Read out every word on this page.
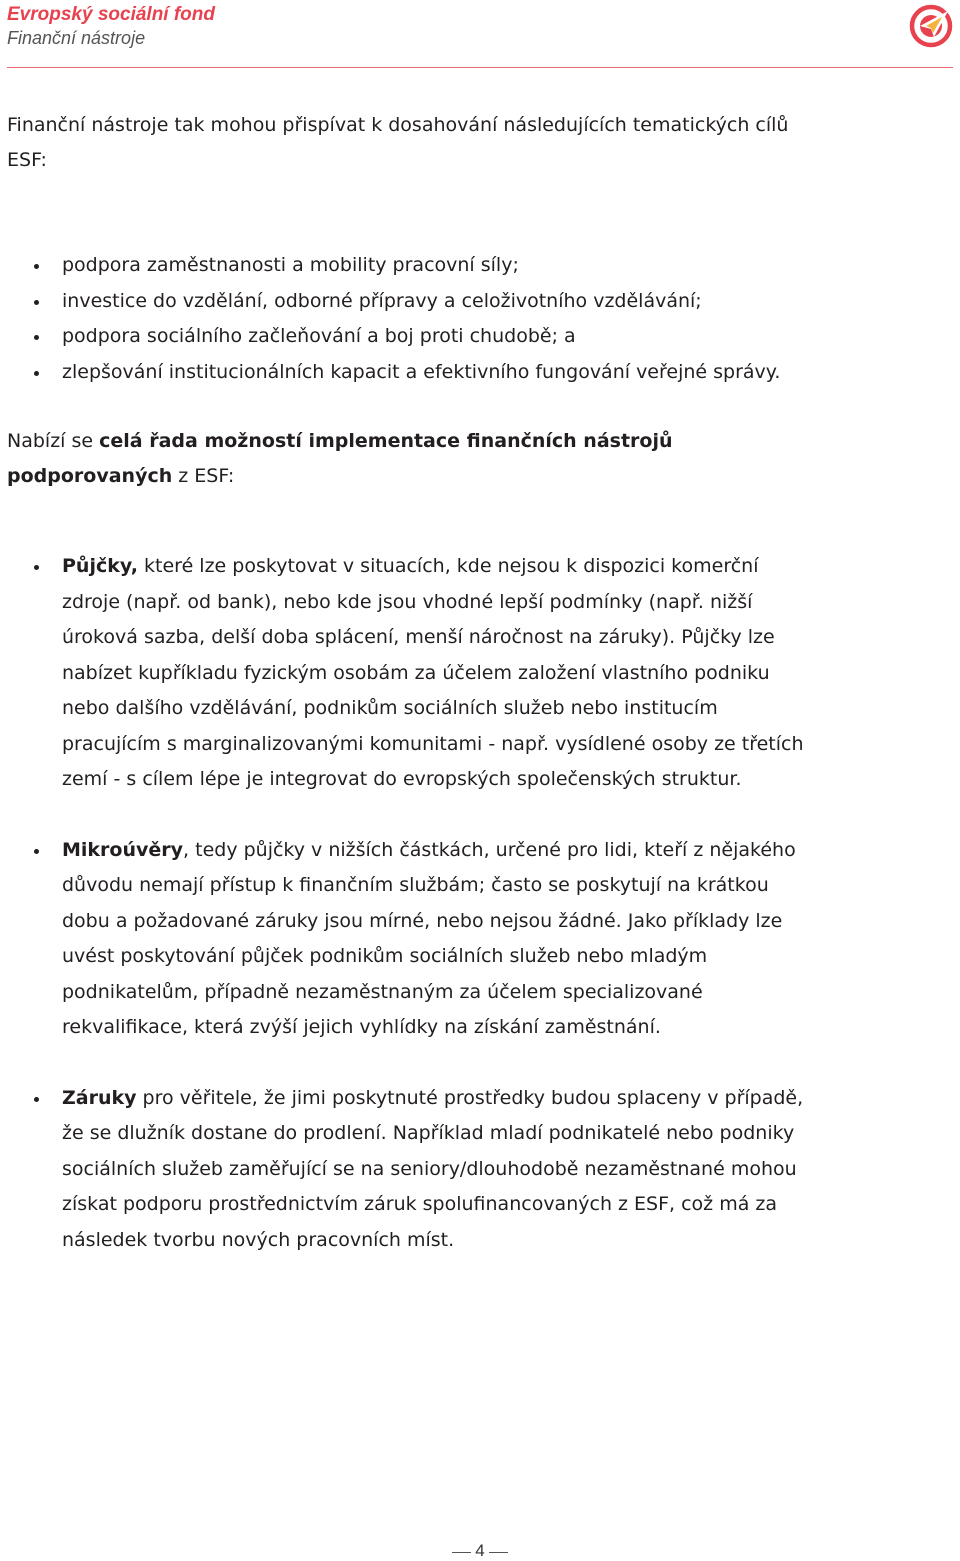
Evropský sociální fond
Finanční nástroje

Finanční nástroje tak mohou přispívat k dosahování následujících tematických cílů ESF:

podpora zaměstnanosti a mobility pracovní síly;
investice do vzdělání, odborné přípravy a celoživotního vzdělávání;
podpora sociálního začleňování a boj proti chudobě; a
zlepšování institucionálních kapacit a efektivního fungování veřejné správy.

Nabízí se celá řada možností implementace finančních nástrojů podporovaných z ESF:

Půjčky, které lze poskytovat v situacích, kde nejsou k dispozici komerční zdroje (např. od bank), nebo kde jsou vhodné lepší podmínky (např. nižší úroková sazba, delší doba splácení, menší náročnost na záruky). Půjčky lze nabízet kupříkladu fyzickým osobám za účelem založení vlastního podniku nebo dalšího vzdělávání, podnikům sociálních služeb nebo institucím pracujícím s marginalizovanými komunitami - např. vysídlené osoby ze třetích zemí - s cílem lépe je integrovat do evropských společenských struktur.

Mikroúvěry, tedy půjčky v nižších částkách, určené pro lidi, kteří z nějakého důvodu nemají přístup k finančním službám; často se poskytují na krátkou dobu a požadované záruky jsou mírné, nebo nejsou žádné. Jako příklady lze uvést poskytování půjček podnikům sociálních služeb nebo mladým podnikatelům, případně nezaměstnaným za účelem specializované rekvalifikace, která zvýší jejich vyhlídky na získání zaměstnání.

Záruky pro věřitele, že jimi poskytnuté prostředky budou splaceny v případě, že se dlužník dostane do prodlení. Například mladí podnikatelé nebo podniky sociálních služeb zaměřující se na seniory/dlouhodobě nezaměstnané mohou získat podporu prostřednictvím záruk spolufinancovaných z ESF, což má za následek tvorbu nových pracovních míst.

4
